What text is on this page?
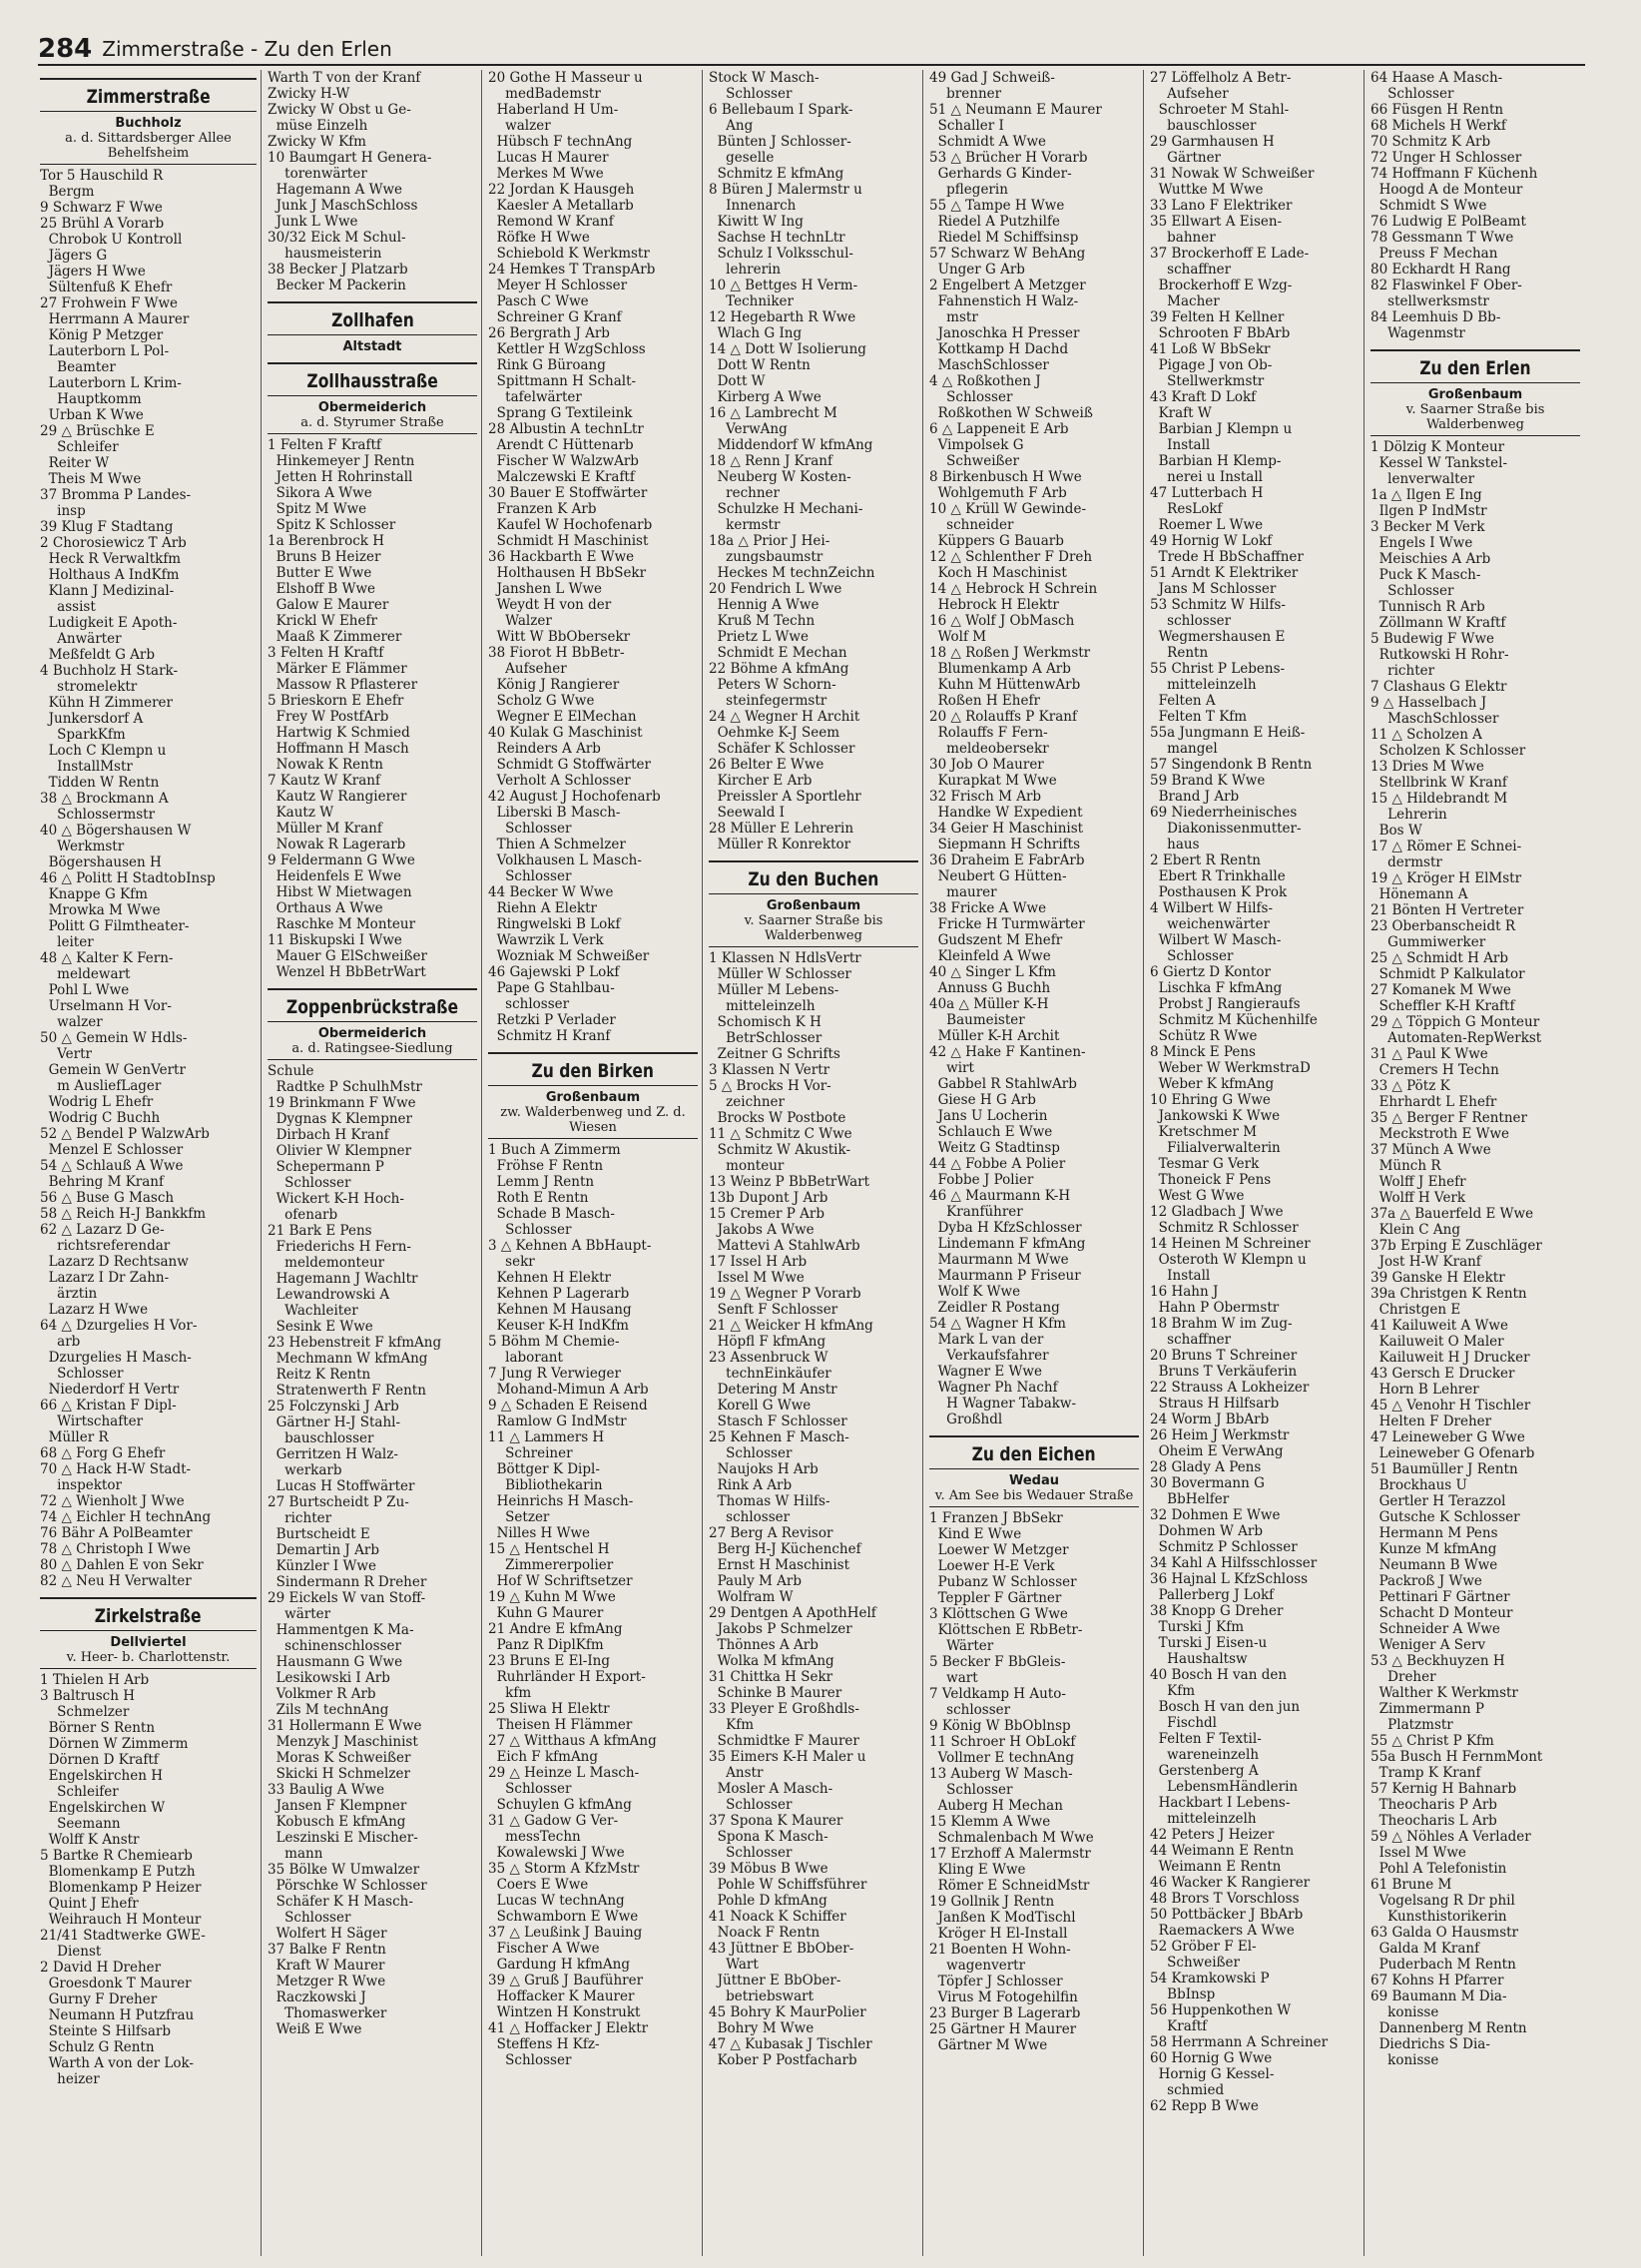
284 Zimmerstraße - Zu den Erlen
Zimmerstraße
Buchholz
a. d. Sittardsberger Allee Behelfsheim
Tor 5 Hauschild R
Bergm
9 Schwarz F Wwe
25 Brühl A Vorarb
Chrobok U Kontroll
Jägers G
Jägers H Wwe
Sültenfuß K Ehefr
27 Frohwein F Wwe
Herrmann A Maurer
König P Metzger
Lauterborn L Pol-
Beamter
Lauterborn L Krim-
Hauptkomm
Urban K Wwe
29 △ Brüschke E
Schleifer
Reiter W
Theis M Wwe
37 Bromma P Landes-
insp
39 Klug F Stadtang
2 Chorosiewicz T Arb
Heck R Verwaltkfm
Holthaus A IndKfm
Klann J Medizinal-
assist
Ludigkeit E Apoth-
Anwärter
Meßfeldt G Arb
4 Buchholz H Stark-
stromelektr
Kühn H Zimmerer
Junkersdorf A
SparkKfm
Loch C Klempn u
InstallMstr
Tidden W Rentn
38 △ Brockmann A
Schlossermstr
40 △ Bögershausen W
Werkmstr
Bögershausen H
46 △ Politt H StadtobInsp
Knappe G Kfm
Mrowka M Wwe
Politt G Filmtheater-
leiter
48 △ Kalter K Fern-
meldewart
Pohl L Wwe
Urselmann H Vor-
walzer
50 △ Gemein W Hdls-
Vertr
Gemein W GenVertr
m AusliefLager
Wodrig L Ehefr
Wodrig C Buchh
52 △ Bendel P WalzwArb
Menzel E Schlosser
54 △ Schlauß A Wwe
Behring M Kranf
56 △ Buse G Masch
58 △ Reich H-J Bankkfm
62 △ Lazarz D Ge-
richtsreferendar
Lazarz D Rechtsanw
Lazarz I Dr Zahn-
ärztin
Lazarz H Wwe
64 △ Dzurgelies H Vor-
arb
Dzurgelies H Masch-
Schlosser
Niederdorf H Vertr
66 △ Kristan F Dipl-
Wirtschafter
Müller R
68 △ Forg G Ehefr
70 △ Hack H-W Stadt-
inspektor
72 △ Wienholt J Wwe
74 △ Eichler H technAng
76 Bähr A PolBeamter
78 △ Christoph I Wwe
80 △ Dahlen E von Sekr
82 △ Neu H Verwalter
Zirkelstraße
Dellviertel
v. Heer- b. Charlottenstr.
1 Thielen H Arb
3 Baltrusch H
Schmelzer
Börner S Rentn
Dörnen W Zimmerm
Dörnen D Kraftf
Engelskirchen H
Schleifer
Engelskirchen W
Seemann
Wolff K Anstr
5 Bartke R Chemiearb
Blomenkamp E Putzh
Blomenkamp P Heizer
Quint J Ehefr
Weihrauch H Monteur
21/41 Stadtwerke GWE-
Dienst
2 David H Dreher
Groesdonk T Maurer
Gurny F Dreher
Neumann H Putzfrau
Steinte S Hilfsarb
Schulz G Rentn
Warth A von der Lok-
heizer
Warth T von der Kranf
Zwicky H-W
Zwicky W Obst u Ge-
müse Einzelh
Zwicky W Kfm
10 Baumgart H Genera-
torenwärter
Hagemann A Wwe
Junk J MaschSchloss
Junk L Wwe
30/32 Eick M Schul-
hausmeisterin
38 Becker J Platzarb
Becker M Packerin
Zollhafen
Altstadt
Zollhausstraße
Obermeiderich
a. d. Styrumer Straße
1 Felten F Kraftf
Hinkemeyer J Rentn
Jetten H Rohrinstall
Sikora A Wwe
Spitz M Wwe
Spitz K Schlosser
1a Berenbrock H
Bruns B Heizer
Butter E Wwe
Elshoff B Wwe
Galow E Maurer
Krickl W Ehefr
Maaß K Zimmerer
3 Felten H Kraftf
Märker E Flämmer
Massow R Pflasterer
5 Brieskorn E Ehefr
Frey W PostfArb
Hartwig K Schmied
Hoffmann H Masch
Nowak K Rentn
7 Kautz W Kranf
Kautz W Rangierer
Kautz W
Müller M Kranf
Nowak R Lagerarb
9 Feldermann G Wwe
Heidenfels E Wwe
Hibst W Mietwagen
Orthaus A Wwe
Raschke M Monteur
11 Biskupski I Wwe
Mauer G ElSchweißer
Wenzel H BbBetrWart
Zoppenbrückstraße
Obermeiderich
a. d. Ratingsee-Siedlung
Schule
Radtke P SchulhMstr
19 Brinkmann F Wwe
Dygnas K Klempner
Dirbach H Kranf
Olivier W Klempner
Schepermann P
Schlosser
Wickert K-H Hoch-
ofenarb
21 Bark E Pens
Friederichs H Fern-
meldemonteur
Hagemann J Wachltr
Lewandrowski A
Wachleiter
Sesink E Wwe
23 Hebenstreit F kfmAng
Mechmann W kfmAng
Reitz K Rentn
Stratenwerth F Rentn
25 Folczynski J Arb
Gärtner H-J Stahl-
bauschlosser
Gerritzen H Walz-
werkarb
Lucas H Stoffwärter
27 Burtscheidt P Zu-
richter
Burtscheidt E
Demartin J Arb
Künzler I Wwe
Sindermann R Dreher
29 Eickels W van Stoff-
wärter
Hammentgen K Ma-
schinenschlosser
Hausmann G Wwe
Lesikowski I Arb
Volkmer R Arb
Zils M technAng
31 Hollermann E Wwe
Menzyk J Maschinist
Moras K Schweißer
Skicki H Schmelzer
33 Baulig A Wwe
Jansen F Klempner
Kobusch E kfmAng
Leszinski E Mischer-
mann
35 Bölke W Umwalzer
Pörschke W Schlosser
Schäfer K H Masch-
Schlosser
Wolfert H Säger
37 Balke F Rentn
Kraft W Maurer
Metzger R Wwe
Raczkowski J
Thomaswerker
Weiß E Wwe
20 Gothe H Masseur u
medBademstr
Haberland H Um-
walzer
Hübsch F technAng
Lucas H Maurer
Merkes M Wwe
22 Jordan K Hausgeh
Kaesler A Metallarb
Remond W Kranf
Röfke H Wwe
Schiebold K Werkmstr
24 Hemkes T TranspArb
Meyer H Schlosser
Pasch C Wwe
Schreiner G Kranf
26 Bergrath J Arb
Kettler H WzgSchloss
Rink G Büroang
Spittmann H Schalt-
tafelwärter
Sprang G Textileink
28 Albustin A technLtr
Arendt C Hüttenarb
Fischer W WalzwArb
Malczewski E Kraftf
30 Bauer E Stoffwärter
Franzen K Arb
Kaufel W Hochofenarb
Schmidt H Maschinist
36 Hackbarth E Wwe
Holthausen H BbSekr
Janshen L Wwe
Weydt H von der
Walzer
Witt W BbObersekr
38 Fiorot H BbBetr-
Aufseher
König J Rangierer
Scholz G Wwe
Wegner E ElMechan
40 Kulak G Maschinist
Reinders A Arb
Schmidt G Stoffwärter
Verholt A Schlosser
42 August J Hochofenarb
Liberski B Masch-
Schlosser
Thien A Schmelzer
Volkhausen L Masch-
Schlosser
44 Becker W Wwe
Riehn A Elektr
Ringwelski B Lokf
Wawrzik L Verk
Wozniak M Schweißer
46 Gajewski P Lokf
Pape G Stahlbau-
schlosser
Retzki P Verlader
Schmitz H Kranf
Zu den Birken
Großenbaum
zw. Walderbenweg und Z. d. Wiesen
1 Buch A Zimmerm
Fröhse F Rentn
Lemm J Rentn
Roth E Rentn
Schade B Masch-
Schlosser
3 △ Kehnen A BbHaupt-
sekr
Kehnen H Elektr
Kehnen P Lagerarb
Kehnen M Hausang
Keuser K-H IndKfm
5 Böhm M Chemie-
laborant
7 Jung R Verwieger
Mohand-Mimun A Arb
9 △ Schaden E Reisend
Ramlow G IndMstr
11 △ Lammers H
Schreiner
Böttger K Dipl-
Bibliothekarin
Heinrichs H Masch-
Setzer
Nilles H Wwe
15 △ Hentschel H
Zimmererpolier
Hof W Schriftsetzer
19 △ Kuhn M Wwe
Kuhn G Maurer
21 Andre E kfmAng
Panz R DiplKfm
23 Bruns E El-Ing
Ruhrländer H Export-
kfm
25 Sliwa H Elektr
Theisen H Flämmer
27 △ Witthaus A kfmAng
Eich F kfmAng
29 △ Heinze L Masch-
Schlosser
Schuylen G kfmAng
31 △ Gadow G Ver-
messTechn
Kowalewski J Wwe
35 △ Storm A KfzMstr
Coers E Wwe
Lucas W technAng
Schwamborn E Wwe
37 △ Leußink J Bauing
Fischer A Wwe
Gardung H kfmAng
39 △ Gruß J Bauführer
Hoffacker K Maurer
Wintzen H Konstrukt
41 △ Hoffacker J Elektr
Steffens H Kfz-
Schlosser
Stock W Masch-
Schlosser
6 Bellebaum I Spark-
Ang
Bünten J Schlosser-
geselle
Schmitz E kfmAng
8 Büren J Malermstr u
Innenarch
Kiwitt W Ing
Sachse H technLtr
Schulz I Volksschul-
lehrerin
10 △ Bettges H Verm-
Techniker
12 Hegebarth R Wwe
Wlach G Ing
14 △ Dott W Isolierung
Dott W Rentn
Dott W
Kirberg A Wwe
16 △ Lambrecht M
VerwAng
Middendorf W kfmAng
18 △ Renn J Kranf
Neuberg W Kosten-
rechner
Schulzke H Mechani-
kermstr
18a △ Prior J Hei-
zungsbaumstr
Heckes M technZeichn
20 Fendrich L Wwe
Hennig A Wwe
Kruß M Techn
Prietz L Wwe
Schmidt E Mechan
22 Böhme A kfmAng
Peters W Schorn-
steinfegermstr
24 △ Wegner H Archit
Oehmke K-J Seem
Schäfer K Schlosser
26 Belter E Wwe
Kircher E Arb
Preissler A Sportlehr
Seewald I
28 Müller E Lehrerin
Müller R Konrektor
Zu den Buchen
Großenbaum
v. Saarner Straße bis Walderbenweg
1 Klassen N HdlsVertr
Müller W Schlosser
Müller M Lebens-
mitteleinzelh
Schomisch K H
BetrSchlosser
Zeitner G Schrifts
3 Klassen N Vertr
5 △ Brocks H Vor-
zeichner
Brocks W Postbote
11 △ Schmitz C Wwe
Schmitz W Akustik-
monteur
13 Weinz P BbBetrWart
13b Dupont J Arb
15 Cremer P Arb
Jakobs A Wwe
Mattevi A StahlwArb
17 Issel H Arb
Issel M Wwe
19 △ Wegner P Vorarb
Senft F Schlosser
21 △ Weicker H kfmAng
Höpfl F kfmAng
23 Assenbruck W
technEinkäufer
Detering M Anstr
Korell G Wwe
Stasch F Schlosser
25 Kehnen F Masch-
Schlosser
Naujoks H Arb
Rink A Arb
Thomas W Hilfs-
schlosser
27 Berg A Revisor
Berg H-J Küchenchef
Ernst H Maschinist
Pauly M Arb
Wolfram W
29 Dentgen A ApothHelf
Jakobs P Schmelzer
Thönnes A Arb
Wolka M kfmAng
31 Chittka H Sekr
Schinke B Maurer
33 Pleyer E Großhdls-
Kfm
Schmidtke F Maurer
35 Eimers K-H Maler u
Anstr
Mosler A Masch-
Schlosser
37 Spona K Maurer
Spona K Masch-
Schlosser
39 Möbus B Wwe
Pohle W Schiffsführer
Pohle D kfmAng
41 Noack K Schiffer
Noack F Rentn
43 Jüttner E BbOber-
Wart
Jüttner E BbOber-
betriebswart
45 Bohry K MaurPolier
Bohry M Wwe
47 △ Kubasak J Tischler
Kober P Postfacharb
49 Gad J Schweiß-
brenner
51 △ Neumann E Maurer
Schaller I
Schmidt A Wwe
53 △ Brücher H Vorarb
Gerhards G Kinder-
pflegerin
55 △ Tampe H Wwe
Riedel A Putzhilfe
Riedel M Schiffsinsp
57 Schwarz W BehAng
Unger G Arb
2 Engelbert A Metzger
Fahnenstich H Walz-
mstr
Janoschka H Presser
Kottkamp H Dachd
MaschSchlosser
4 △ Roßkothen J
Schlosser
Roßkothen W Schweiß
6 △ Lappeneit E Arb
Vimpolsek G
Schweißer
8 Birkenbusch H Wwe
Wohlgemuth F Arb
10 △ Krüll W Gewinde-
schneider
Küppers G Bauarb
12 △ Schlenther F Dreh
Koch H Maschinist
14 △ Hebrock H Schrein
Hebrock H Elektr
16 △ Wolf J ObMasch
Wolf M
18 △ Roßen J Werkmstr
Blumenkamp A Arb
Kuhn M HüttenwArb
Roßen H Ehefr
20 △ Rolauffs P Kranf
Rolauffs F Fern-
meldeobersekr
30 Job O Maurer
Kurapkat M Wwe
32 Frisch M Arb
Handke W Expedient
34 Geier H Maschinist
Siepmann H Schrifts
36 Draheim E FabrArb
Neubert G Hütten-
maurer
38 Fricke A Wwe
Fricke H Turmwärter
Gudszent M Ehefr
Kleinfeld A Wwe
40 △ Singer L Kfm
Annuss G Buchh
40a △ Müller K-H
Baumeister
Müller K-H Archit
42 △ Hake F Kantinen-
wirt
Gabbel R StahlwArb
Giese H G Arb
Jans U Locherin
Schlauch E Wwe
Weitz G Stadtinsp
44 △ Fobbe A Polier
Fobbe J Polier
46 △ Maurmann K-H
Kranführer
Dyba H KfzSchlosser
Lindemann F kfmAng
Maurmann M Wwe
Maurmann P Friseur
Wolf K Wwe
Zeidler R Postang
54 △ Wagner H Kfm
Mark L van der
Verkaufsfahrer
Wagner E Wwe
Wagner Ph Nachf
H Wagner Tabakw-
Großhdl
Zu den Eichen
Wedau
v. Am See bis Wedauer Straße
1 Franzen J BbSekr
Kind E Wwe
Loewer W Metzger
Loewer H-E Verk
Pubanz W Schlosser
Teppler F Gärtner
3 Klöttschen G Wwe
Klöttschen E RbBetr-
Wärter
5 Becker F BbGleis-
wart
7 Veldkamp H Auto-
schlosser
9 König W BbOblnsp
11 Schroer H ObLokf
Vollmer E technAng
13 Auberg W Masch-
Schlosser
Auberg H Mechan
15 Klemm A Wwe
Schmalenbach M Wwe
17 Erzhoff A Malermstr
Kling E Wwe
Römer E SchneidMstr
19 Gollnik J Rentn
Janßen K ModTischl
Kröger H El-Install
21 Boenten H Wohn-
wagenvertr
Töpfer J Schlosser
Virus M Fotogehilfin
23 Burger B Lagerarb
25 Gärtner H Maurer
Gärtner M Wwe
27 Löffelholz A Betr-
Aufseher
Schroeter M Stahl-
bauschlosser
29 Garmhausen H
Gärtner
31 Nowak W Schweißer
Wuttke M Wwe
33 Lano F Elektriker
35 Ellwart A Eisen-
bahner
37 Brockerhoff E Lade-
schaffner
Brockerhoff E Wzg-
Macher
39 Felten H Kellner
Schrooten F BbArb
41 Loß W BbSekr
Pigage J von Ob-
Stellwerkmstr
43 Kraft D Lokf
Kraft W
Barbian J Klempn u
Install
Barbian H Klemp-
nerei u Install
47 Lutterbach H
ResLokf
Roemer L Wwe
49 Hornig W Lokf
Trede H BbSchaffner
51 Arndt K Elektriker
Jans M Schlosser
53 Schmitz W Hilfs-
schlosser
Wegmershausen E
Rentn
55 Christ P Lebens-
mitteleinzelh
Felten A
Felten T Kfm
55a Jungmann E Heiß-
mangel
57 Singendonk B Rentn
59 Brand K Wwe
Brand J Arb
69 Niederrheinisches
Diakonissenmutter-
haus
2 Ebert R Rentn
Ebert R Trinkhalle
Posthausen K Prok
4 Wilbert W Hilfs-
weichenwärter
Wilbert W Masch-
Schlosser
6 Giertz D Kontor
Lischka F kfmAng
Probst J Rangieraufs
Schmitz M Küchenhilfe
Schütz R Wwe
8 Minck E Pens
Weber W WerkmstraD
Weber K kfmAng
10 Ehring G Wwe
Jankowski K Wwe
Kretschmer M
Filialverwalterin
Tesmar G Verk
Thoneick F Pens
West G Wwe
12 Gladbach J Wwe
Schmitz R Schlosser
14 Heinen M Schreiner
Osteroth W Klempn u
Install
16 Hahn J
Hahn P Obermstr
18 Brahm W im Zug-
schaffner
20 Bruns T Schreiner
Bruns T Verkäuferin
22 Strauss A Lokheizer
Straus H Hilfsarb
24 Worm J BbArb
26 Heim J Werkmstr
Oheim E VerwAng
28 Glady A Pens
30 Bovermann G
BbHelfer
32 Dohmen E Wwe
Dohmen W Arb
Schmitz P Schlosser
34 Kahl A Hilfsschlosser
36 Hajnal L KfzSchloss
Pallerberg J Lokf
38 Knopp G Dreher
Turski J Kfm
Turski J Eisen-u
Haushaltsw
40 Bosch H van den
Kfm
Bosch H van den jun
Fischdl
Felten F Textil-
wareneinzelh
Gerstenberg A
LebensmHändlerin
Hackbart I Lebens-
mitteleinzelh
42 Peters J Heizer
44 Weimann E Rentn
Weimann E Rentn
46 Wacker K Rangierer
48 Brors T Vorschloss
50 Pottbäcker J BbArb
Raemackers A Wwe
52 Gröber F El-
Schweißer
54 Kramkowski P
BbInsp
56 Huppenkothen W
Kraftf
58 Herrmann A Schreiner
60 Hornig G Wwe
Hornig G Kessel-
schmied
62 Repp B Wwe
64 Haase A Masch-
Schlosser
66 Füsgen H Rentn
68 Michels H Werkf
70 Schmitz K Arb
72 Unger H Schlosser
74 Hoffmann F Küchenh
Hoogd A de Monteur
Schmidt S Wwe
76 Ludwig E PolBeamt
78 Gessmann T Wwe
Preuss F Mechan
80 Eckhardt H Rang
82 Flaswinkel F Ober-
stellwerksmstr
84 Leemhuis D Bb-
Wagenmstr
Zu den Erlen
Großenbaum
v. Saarner Straße bis Walderbenweg
1 Dölzig K Monteur
Kessel W Tankstel-
lenverwalter
1a △ Ilgen E Ing
Ilgen P IndMstr
3 Becker M Verk
Engels I Wwe
Meischies A Arb
Puck K Masch-
Schlosser
Tunnisch R Arb
Zöllmann W Kraftf
5 Budewig F Wwe
Rutkowski H Rohr-
richter
7 Clashaus G Elektr
9 △ Hasselbach J
MaschSchlosser
11 △ Scholzen A
Scholzen K Schlosser
13 Dries M Wwe
Stellbrink W Kranf
15 △ Hildebrandt M
Lehrerin
Bos W
17 △ Römer E Schnei-
dermstr
19 △ Kröger H ElMstr
Hönemann A
21 Bönten H Vertreter
23 Oberbanscheidt R
Gummiwerker
25 △ Schmidt H Arb
Schmidt P Kalkulator
27 Komanek M Wwe
Scheffler K-H Kraftf
29 △ Töppich G Monteur
Automaten-RepWerkst
31 △ Paul K Wwe
Cremers H Techn
33 △ Pötz K
Ehrhardt L Ehefr
35 △ Berger F Rentner
Meckstroth E Wwe
37 Münch A Wwe
Münch R
Wolff J Ehefr
Wolff H Verk
37a △ Bauerfeld E Wwe
Klein C Ang
37b Erping E Zuschläger
Jost H-W Kranf
39 Ganske H Elektr
39a Christgen K Rentn
Christgen E
41 Kailuweit A Wwe
Kailuweit O Maler
Kailuweit H J Drucker
43 Gersch E Drucker
Horn B Lehrer
45 △ Venohr H Tischler
Helten F Dreher
47 Leineweber G Wwe
Leineweber G Ofenarb
51 Baumüller J Rentn
Brockhaus U
Gertler H Terazzol
Gutsche K Schlosser
Hermann M Pens
Kunze M kfmAng
Neumann B Wwe
Packroß J Wwe
Pettinari F Gärtner
Schacht D Monteur
Schneider A Wwe
Weniger A Serv
53 △ Beckhuyzen H
Dreher
Walther K Werkmstr
Zimmermann P
Platzmstr
55 △ Christ P Kfm
55a Busch H FernmMont
Tramp K Kranf
57 Kernig H Bahnarb
Theocharis P Arb
Theocharis L Arb
59 △ Nöhles A Verlader
Issel M Wwe
Pohl A Telefonistin
61 Brune M
Vogelsang R Dr phil
Kunsthistorikerin
63 Galda O Hausmstr
Galda M Kranf
Puderbach M Rentn
67 Kohns H Pfarrer
69 Baumann M Dia-
konisse
Dannenberg M Rentn
Diedrichs S Dia-
konisse
